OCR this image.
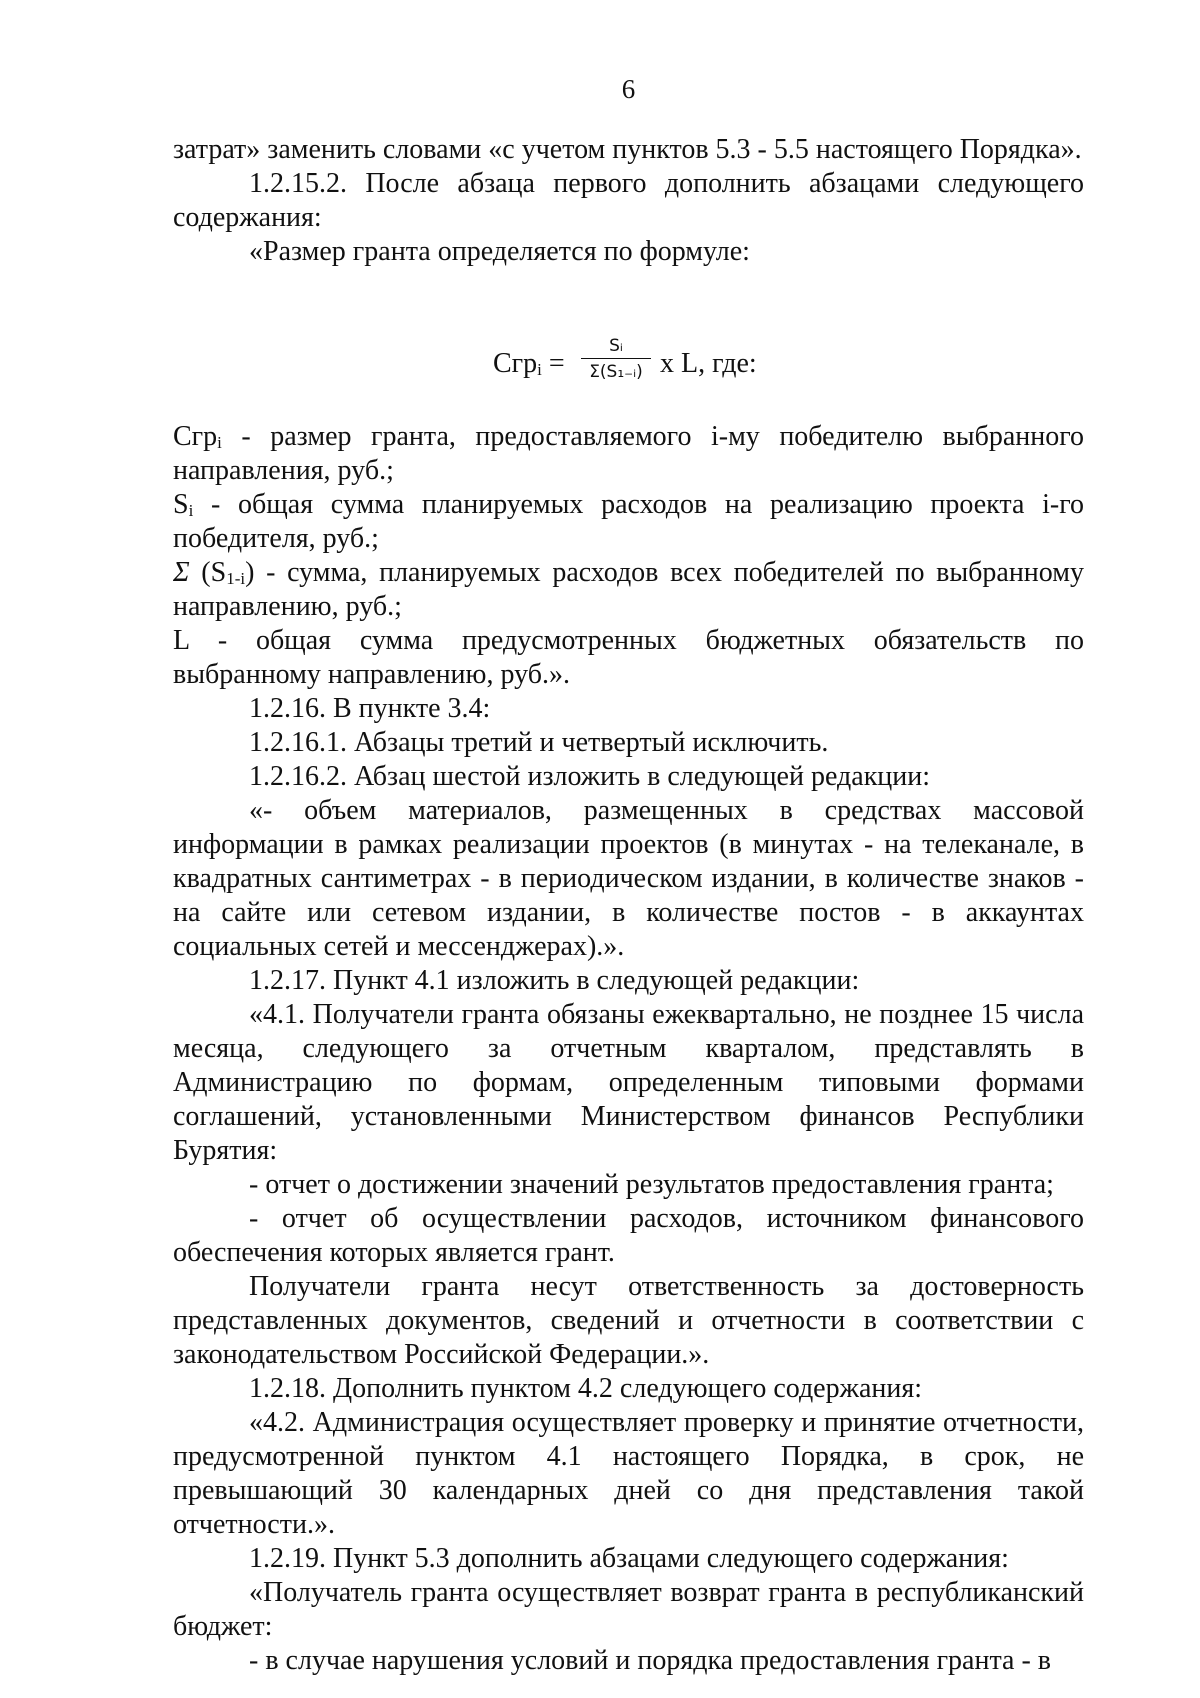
6

затрат» заменить словами «с учетом пунктов 5.3 - 5.5 настоящего Порядка».

1.2.15.2. После абзаца первого дополнить абзацами следующего содержания:

«Размер гранта определяется по формуле:

Сгр$_i$ =
Sᵢ
Σ(S₁₋ᵢ) x L, где:

Сгр$_i$ - размер гранта, предоставляемого i-му победителю выбранного направления, руб.;

$S_i$ - общая сумма планируемых расходов на реализацию проекта i-го победителя, руб.;

Σ $(S_{1-i})$ - сумма, планируемых расходов всех победителей по выбранному направлению, руб.;

L - общая сумма предусмотренных бюджетных обязательств по выбранному направлению, руб.».

1.2.16. В пункте 3.4:

1.2.16.1. Абзацы третий и четвертый исключить.

1.2.16.2. Абзац шестой изложить в следующей редакции:

«- объем материалов, размещенных в средствах массовой информации в рамках реализации проектов (в минутах - на телеканале, в квадратных сантиметрах - в периодическом издании, в количестве знаков - на сайте или сетевом издании, в количестве постов - в аккаунтах социальных сетей и мессенджерах).».

1.2.17. Пункт 4.1 изложить в следующей редакции:

«4.1. Получатели гранта обязаны ежеквартально, не позднее 15 числа месяца, следующего за отчетным кварталом, представлять в Администрацию по формам, определенным типовыми формами соглашений, установленными Министерством финансов Республики Бурятия:

- отчет о достижении значений результатов предоставления гранта;

- отчет об осуществлении расходов, источником финансового обеспечения которых является грант.

Получатели гранта несут ответственность за достоверность представленных документов, сведений и отчетности в соответствии с законодательством Российской Федерации.».

1.2.18. Дополнить пунктом 4.2 следующего содержания:

«4.2. Администрация осуществляет проверку и принятие отчетности, предусмотренной пунктом 4.1 настоящего Порядка, в срок, не превышающий 30 календарных дней со дня представления такой отчетности.».

1.2.19. Пункт 5.3 дополнить абзацами следующего содержания:

«Получатель гранта осуществляет возврат гранта в республиканский бюджет:

- в случае нарушения условий и порядка предоставления гранта - в
